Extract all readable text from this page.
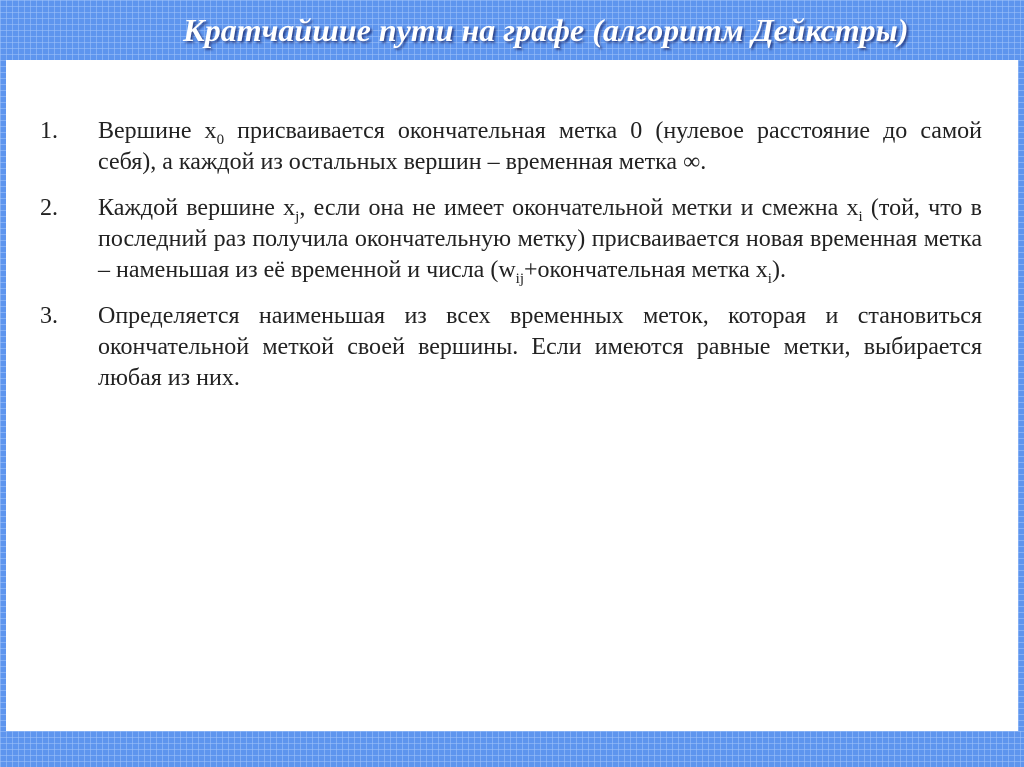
Кратчайшие пути на графе (алгоритм Дейкстры)
1.	Вершине $x_0$ присваивается окончательная метка 0 (нулевое расстояние до самой себя), а каждой из остальных вершин – временная метка ∞.
2.	Каждой вершине $x_j$, если она не имеет окончательной метки и смежна $x_i$ (той, что в последний раз получила окончательную метку) присваивается новая временная метка – наменьшая из её временной и числа ($w_{ij}+окончательная$ метка $x_i$).
3.	Определяется наименьшая из всех временных меток, которая и становиться окончательной меткой своей вершины. Если имеются равные метки, выбирается любая из них.
